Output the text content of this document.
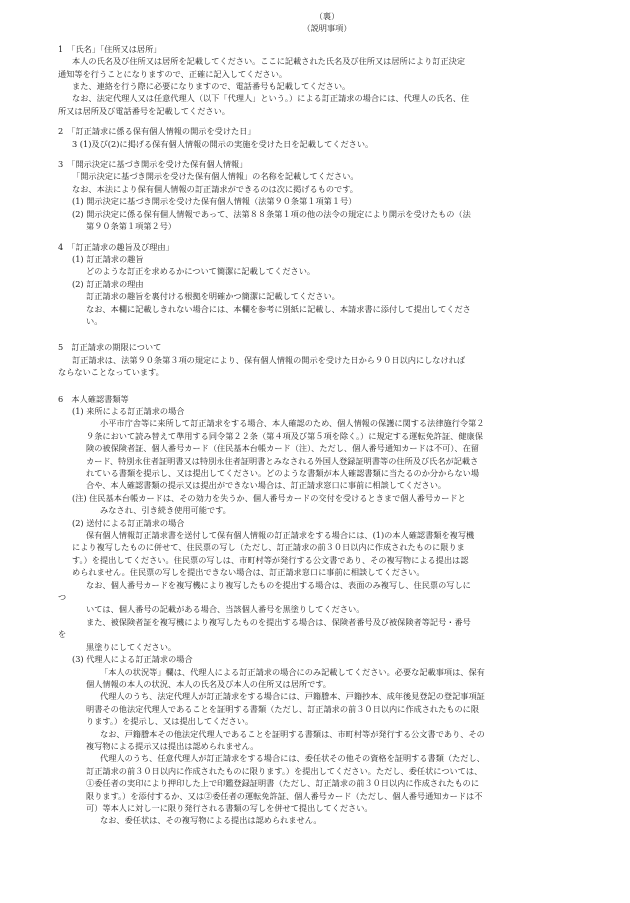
（裏）

（説明事項）

1　「氏名」「住所又は居所」

本人の氏名及び住所又は居所を記載してください。ここに記載された氏名及び住所又は居所により訂正決定

通知等を行うことになりますので、正確に記入してください。

また、連絡を行う際に必要になりますので、電話番号も記載してください。

なお、法定代理人又は任意代理人（以下「代理人」という。）による訂正請求の場合には、代理人の氏名、住

所又は居所及び電話番号を記載してください。

2　「訂正請求に係る保有個人情報の開示を受けた日」

3 (1)及び(2)に掲げる保有個人情報の開示の実施を受けた日を記載してください。

3　「開示決定に基づき開示を受けた保有個人情報」

「開示決定に基づき開示を受けた保有個人情報」の名称を記載してください。

なお、本法により保有個人情報の訂正請求ができるのは次に掲げるものです。

(1) 開示決定に基づき開示を受けた保有個人情報（法第９０条第１項第１号）

(2) 開示決定に係る保有個人情報であって、法第８８条第１項の他の法令の規定により開示を受けたもの（法

第９０条第１項第２号）

4　「訂正請求の趣旨及び理由」

(1) 訂正請求の趣旨

どのような訂正を求めるかについて簡潔に記載してください。

(2) 訂正請求の理由

訂正請求の趣旨を裏付ける根拠を明確かつ簡潔に記載してください。

なお、本欄に記載しきれない場合には、本欄を参考に別紙に記載し、本請求書に添付して提出してくださ

い。

5　訂正請求の期限について

訂正請求は、法第９０条第３項の規定により、保有個人情報の開示を受けた日から９０日以内にしなければ

ならないことなっています。

6　本人確認書類等

(1) 来所による訂正請求の場合

小平市庁舎等に来所して訂正請求をする場合、本人確認のため、個人情報の保護に関する法律施行令第２

９条において読み替えて準用する同令第２２条（第４項及び第５項を除く。）に規定する運転免許証、健康保

険の被保険者証、個人番号カード（住民基本台帳カード（注）、ただし、個人番号通知カードは不可）、在留

カード、特別永住者証明書又は特別永住者証明書とみなされる外国人登録証明書等の住所及び氏名が記載さ

れている書類を提示し、又は提出してください。どのような書類が本人確認書類に当たるのか分からない場

合や、本人確認書類の提示又は提出ができない場合は、訂正請求窓口に事前に相談してください。

(注) 住民基本台帳カードは、その効力を失うか、個人番号カードの交付を受けるときまで個人番号カードと

みなされ、引き続き使用可能です。

(2) 送付による訂正請求の場合

保有個人情報訂正請求書を送付して保有個人情報の訂正請求をする場合には、(1)の本人確認書類を複写機

により複写したものに併せて、住民票の写し（ただし、訂正請求の前３０日以内に作成されたものに限りま

す。）を提出してください。住民票の写しは、市町村等が発行する公文書であり、その複写物による提出は認

められません。住民票の写しを提出できない場合は、訂正請求窓口に事前に相談してください。

なお、個人番号カードを複写機により複写したものを提出する場合は、表面のみ複写し、住民票の写しに

つ

いては、個人番号の記載がある場合、当該個人番号を黒塗りしてください。

また、被保険者証を複写機により複写したものを提出する場合は、保険者番号及び被保険者等記号・番号

を

黒塗りにしてください。

(3) 代理人による訂正請求の場合

「本人の状況等」欄は、代理人による訂正請求の場合にのみ記載してください。必要な記載事項は、保有

個人情報の本人の状況、本人の氏名及び本人の住所又は居所です。

代理人のうち、法定代理人が訂正請求をする場合には、戸籍謄本、戸籍抄本、成年後見登記の登記事項証

明書その他法定代理人であることを証明する書類（ただし、訂正請求の前３０日以内に作成されたものに限

ります。）を提示し、又は提出してください。

なお、戸籍謄本その他法定代理人であることを証明する書類は、市町村等が発行する公文書であり、その

複写物による提示又は提出は認められません。

代理人のうち、任意代理人が訂正請求をする場合には、委任状その他その資格を証明する書類（ただし、

訂正請求の前３０日以内に作成されたものに限ります。）を提出してください。ただし、委任状については、

①委任者の実印により押印した上で印鑑登録証明書（ただし、訂正請求の前３０日以内に作成されたものに

限ります。）を添付するか、又は②委任者の運転免許証、個人番号カード（ただし、個人番号通知カードは不

可）等本人に対し一に限り発行される書類の写しを併せて提出してください。

なお、委任状は、その複写物による提出は認められません。
